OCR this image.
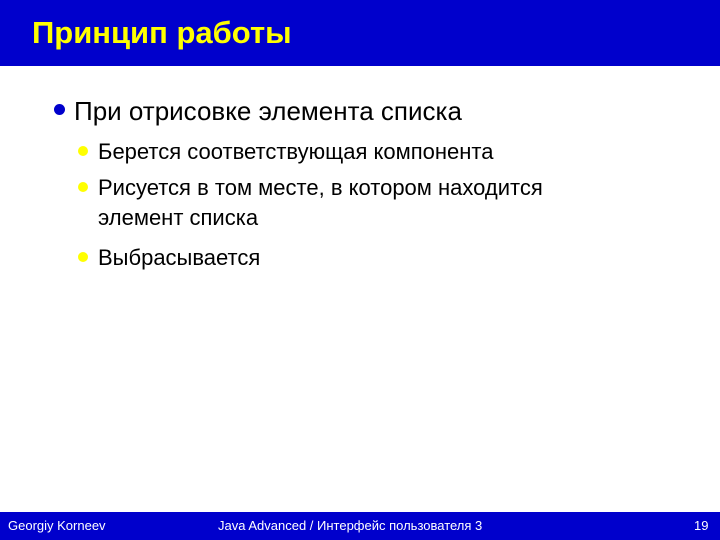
Принцип работы
При отрисовке элемента списка
Берется соответствующая компонента
Рисуется в том месте, в котором находится
элемент списка
Выбрасывается
Georgiy Korneev	Java Advanced / Интерфейс пользователя 3	19
